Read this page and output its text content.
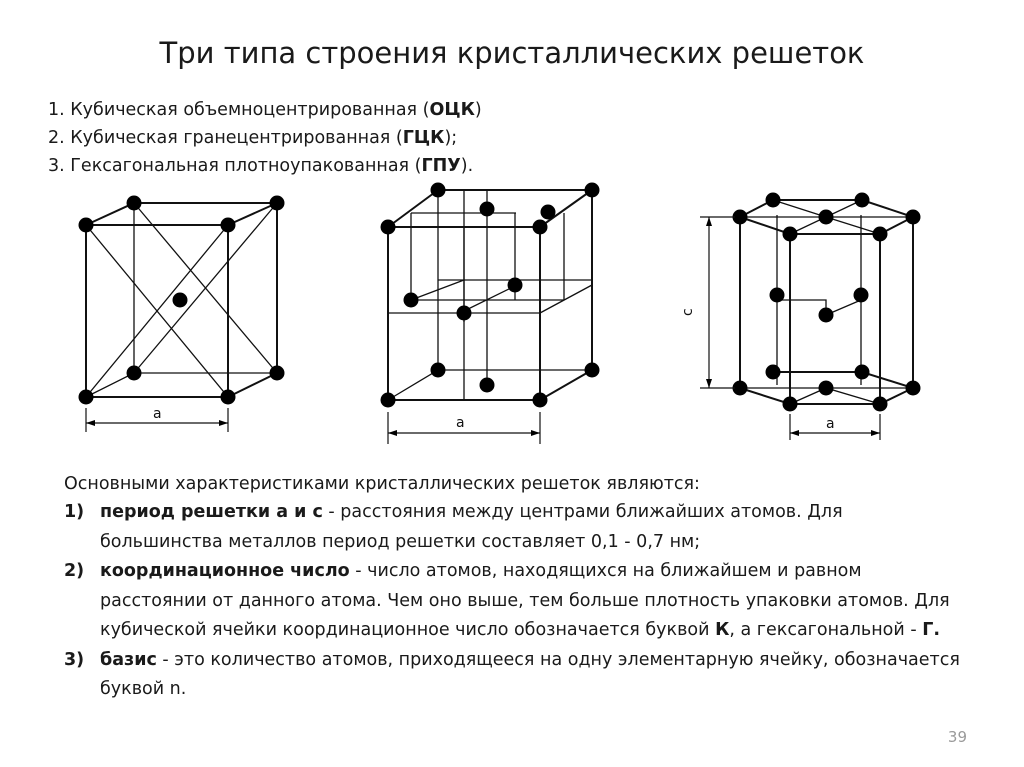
Три типа строения кристаллических решеток
1. Кубическая объемноцентрированная (ОЦК)
2. Кубическая гранецентрированная (ГЦК);
3. Гексагональная плотноупакованная (ГПУ).
a
a
c
a
Основными характеристиками кристаллических решеток являются:
1) период решетки а и с - расстояния между центрами ближайших атомов. Для большинства металлов период решетки составляет 0,1 - 0,7 нм;
2) координационное число - число атомов, находящихся на ближайшем и равном расстоянии от данного атома. Чем оно выше, тем больше плотность упаковки атомов. Для кубической ячейки координационное число обозначается буквой К, а гексагональной - Г.
3) базис - это количество атомов, приходящееся на одну элементарную ячейку, обозначается буквой n.
39
